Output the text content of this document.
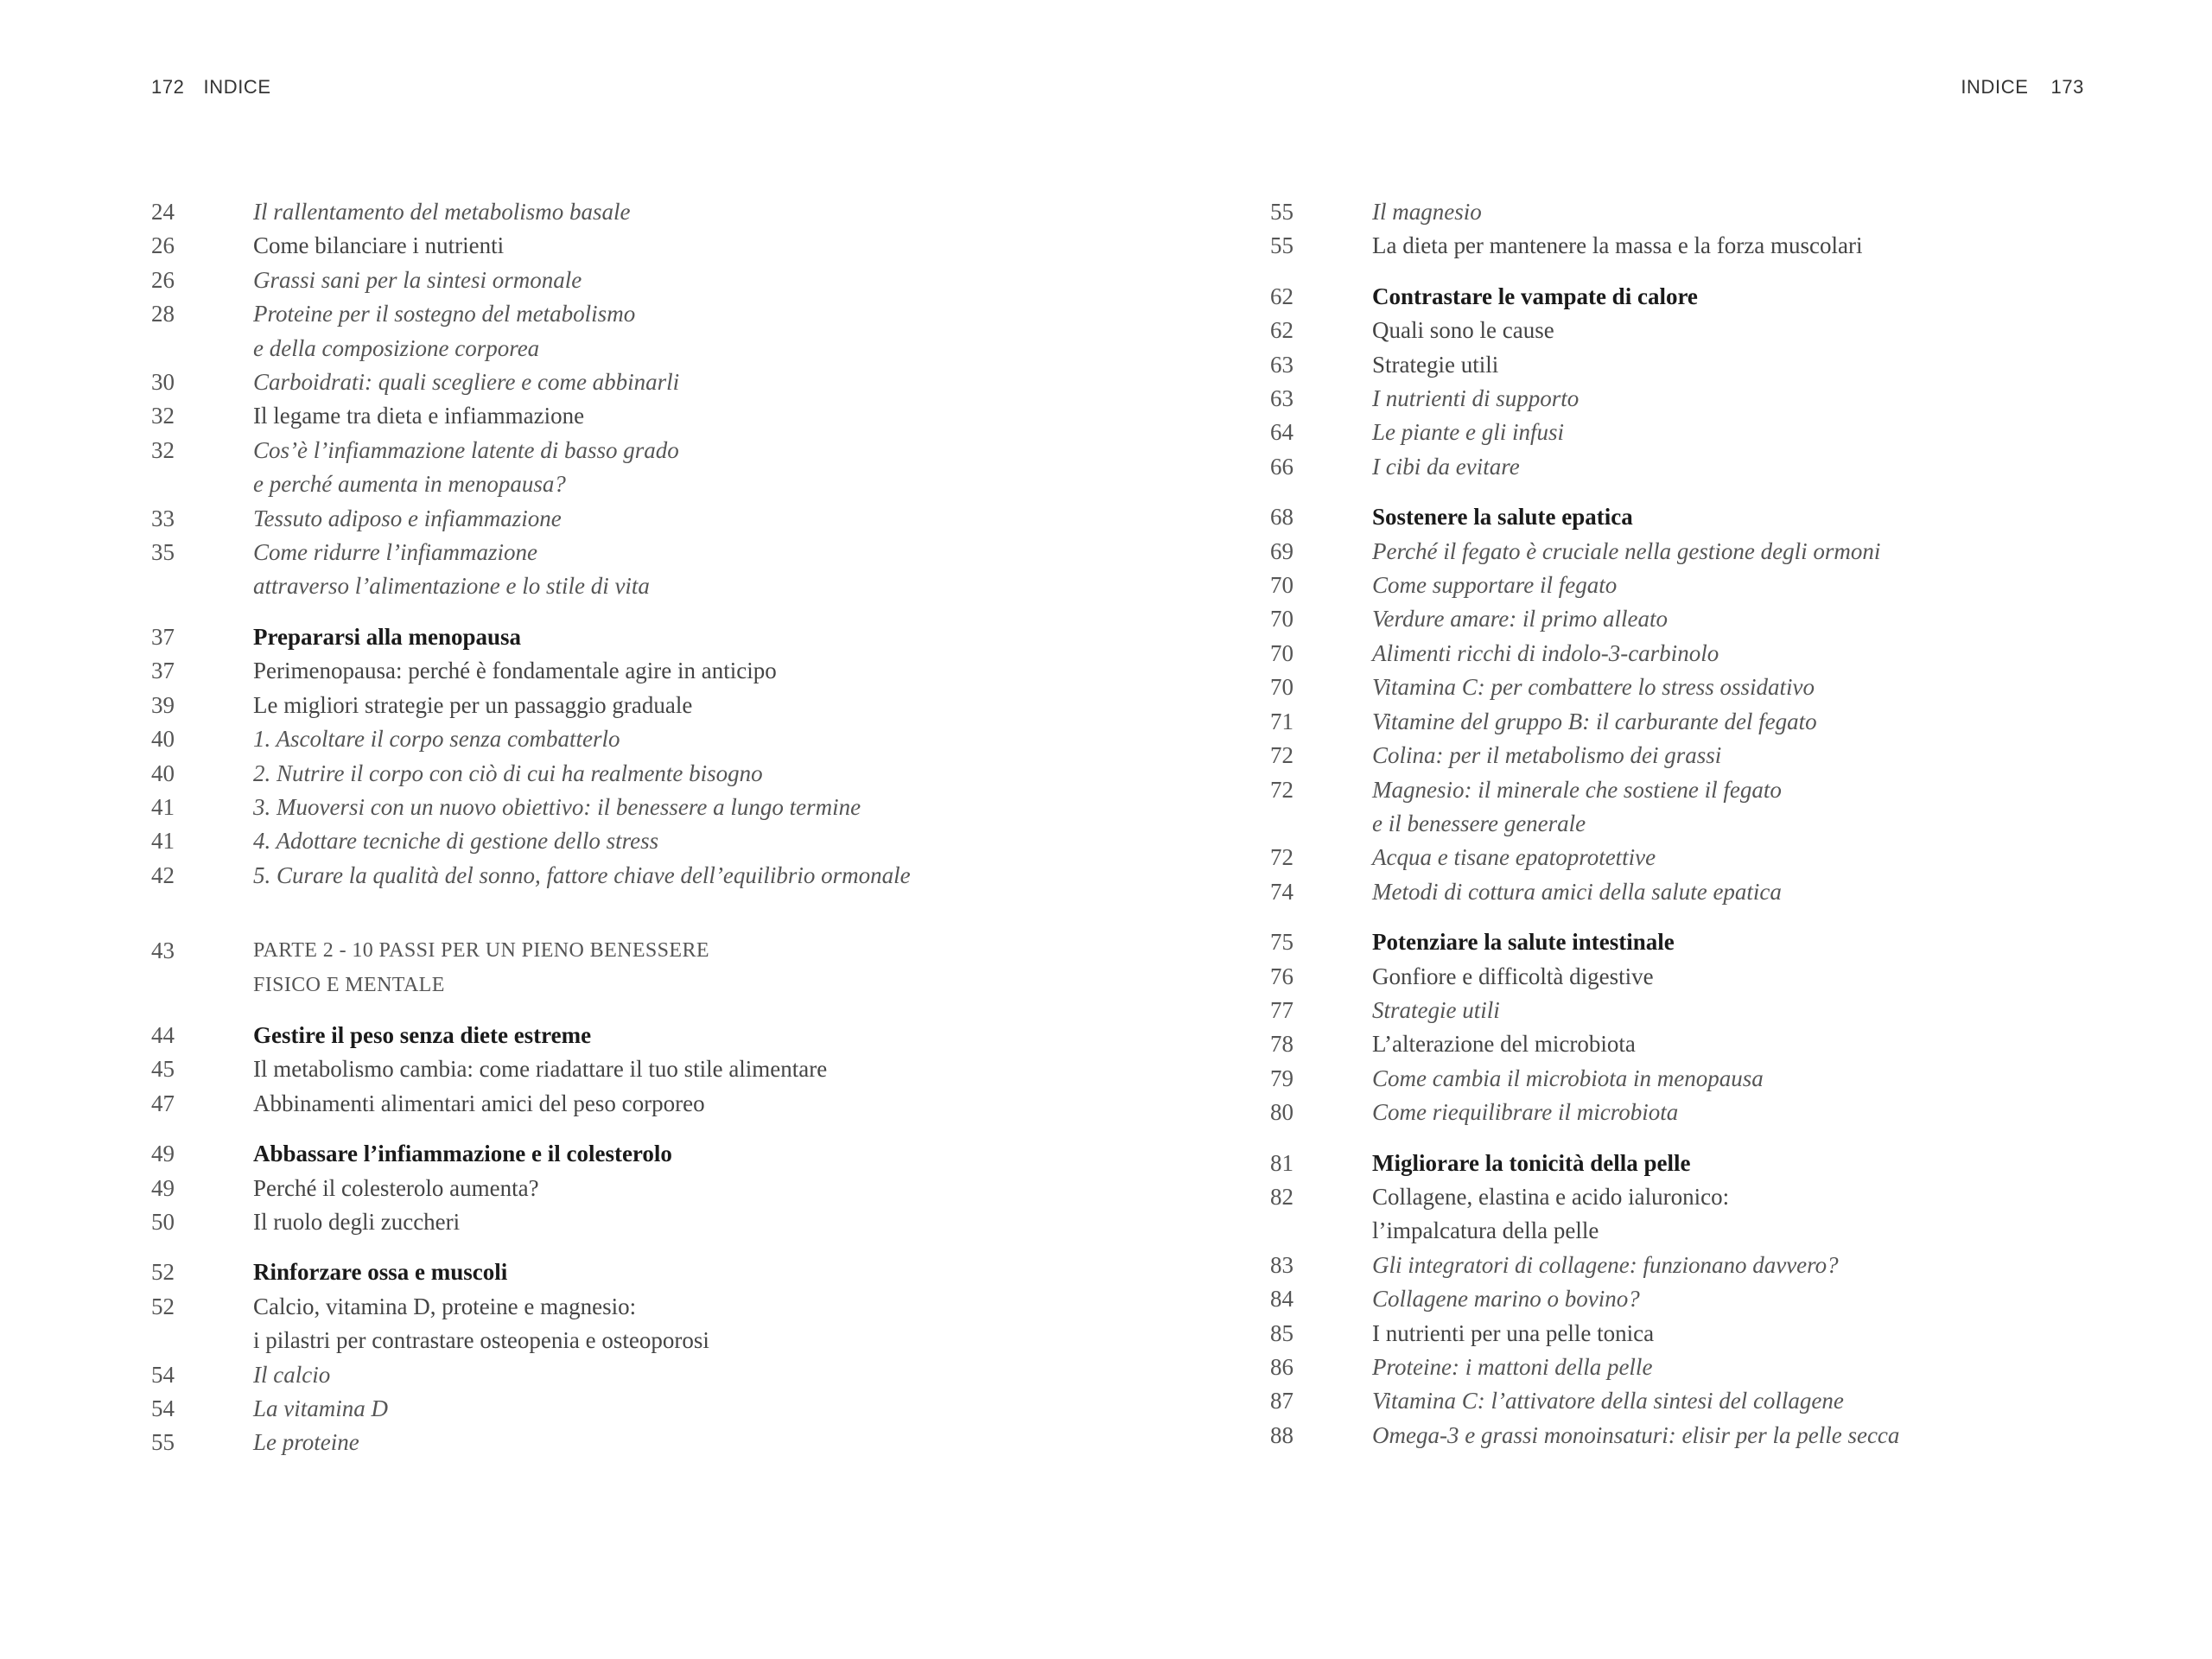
172 INDICE	INDICE 173
24	Il rallentamento del metabolismo basale
26	Come bilanciare i nutrienti
26	Grassi sani per la sintesi ormonale
28	Proteine per il sostegno del metabolismo
e della composizione corporea
30	Carboidrati: quali scegliere e come abbinarli
32	Il legame tra dieta e infiammazione
32	Cos’è l’infiammazione latente di basso grado
e perché aumenta in menopausa?
33	Tessuto adiposo e infiammazione
35	Come ridurre l’infiammazione
attraverso l’alimentazione e lo stile di vita
37	Prepararsi alla menopausa
37	Perimenopausa: perché è fondamentale agire in anticipo
39	Le migliori strategie per un passaggio graduale
40	1. Ascoltare il corpo senza combatterlo
40	2. Nutrire il corpo con ciò di cui ha realmente bisogno
41	3. Muoversi con un nuovo obiettivo: il benessere a lungo termine
41	4. Adottare tecniche di gestione dello stress
42	5. Curare la qualità del sonno, fattore chiave dell’equilibrio ormonale
43	PARTE 2 - 10 PASSI PER UN PIENO BENESSERE
FISICO E MENTALE
44	Gestire il peso senza diete estreme
45	Il metabolismo cambia: come riadattare il tuo stile alimentare
47	Abbinamenti alimentari amici del peso corporeo
49	Abbassare l’infiammazione e il colesterolo
49	Perché il colesterolo aumenta?
50	Il ruolo degli zuccheri
52	Rinforzare ossa e muscoli
52	Calcio, vitamina D, proteine e magnesio:
i pilastri per contrastare osteopenia e osteoporosi
54	Il calcio
54	La vitamina D
55	Le proteine
55	Il magnesio
55	La dieta per mantenere la massa e la forza muscolari
62	Contrastare le vampate di calore
62	Quali sono le cause
63	Strategie utili
63	I nutrienti di supporto
64	Le piante e gli infusi
66	I cibi da evitare
68	Sostenere la salute epatica
69	Perché il fegato è cruciale nella gestione degli ormoni
70	Come supportare il fegato
70	Verdure amare: il primo alleato
70	Alimenti ricchi di indolo-3-carbinolo
70	Vitamina C: per combattere lo stress ossidativo
71	Vitamine del gruppo B: il carburante del fegato
72	Colina: per il metabolismo dei grassi
72	Magnesio: il minerale che sostiene il fegato
e il benessere generale
72	Acqua e tisane epatoprotettive
74	Metodi di cottura amici della salute epatica
75	Potenziare la salute intestinale
76	Gonfiore e difficoltà digestive
77	Strategie utili
78	L’alterazione del microbiota
79	Come cambia il microbiota in menopausa
80	Come riequilibrare il microbiota
81	Migliorare la tonicità della pelle
82	Collagene, elastina e acido ialuronico:
l’impalcatura della pelle
83	Gli integratori di collagene: funzionano davvero?
84	Collagene marino o bovino?
85	I nutrienti per una pelle tonica
86	Proteine: i mattoni della pelle
87	Vitamina C: l’attivatore della sintesi del collagene
88	Omega-3 e grassi monoinsaturi: elisir per la pelle secca
